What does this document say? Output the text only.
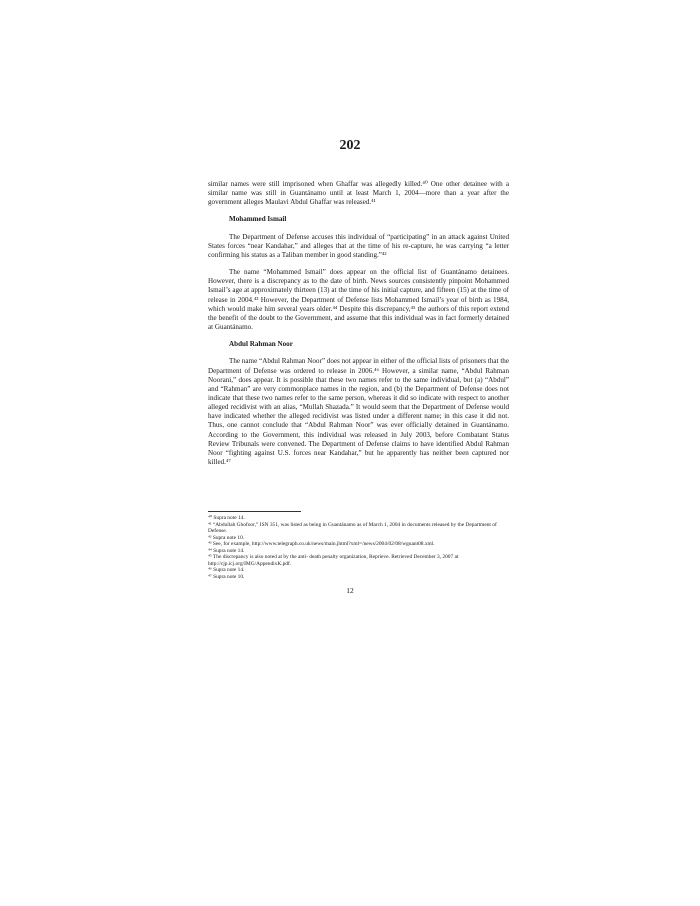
202

similar names were still imprisoned when Ghaffar was allegedly killed.⁴⁰ One other detainee with a similar name was still in Guantánamo until at least March 1, 2004—more than a year after the government alleges Maulavi Abdul Ghaffar was released.⁴¹

Mohammed Ismail

The Department of Defense accuses this individual of “participating” in an attack against United States forces “near Kandahar,” and alleges that at the time of his re-capture, he was carrying “a letter confirming his status as a Taliban member in good standing.”⁴²

The name “Mohammed Ismail” does appear on the official list of Guantánamo detainees. However, there is a discrepancy as to the date of birth. News sources consistently pinpoint Mohammed Ismail’s age at approximately thirteen (13) at the time of his initial capture, and fifteen (15) at the time of release in 2004.⁴³ However, the Department of Defense lists Mohammed Ismail’s year of birth as 1984, which would make him several years older.⁴⁴ Despite this discrepancy,⁴⁵ the authors of this report extend the benefit of the doubt to the Government, and assume that this individual was in fact formerly detained at Guantánamo.

Abdul Rahman Noor

The name “Abdul Rahman Noor” does not appear in either of the official lists of prisoners that the Department of Defense was ordered to release in 2006.⁴⁶ However, a similar name, “Abdul Rahman Noorani,” does appear. It is possible that these two names refer to the same individual, but (a) “Abdul” and “Rahman” are very commonplace names in the region, and (b) the Department of Defense does not indicate that these two names refer to the same person, whereas it did so indicate with respect to another alleged recidivist with an alias, “Mullah Shazada.” It would seem that the Department of Defense would have indicated whether the alleged recidivist was listed under a different name; in this case it did not. Thus, one cannot conclude that “Abdul Rahman Noor” was ever officially detained in Guantánamo. According to the Government, this individual was released in July 2003, before Combatant Status Review Tribunals were convened. The Department of Defense claims to have identified Abdul Rahman Noor “fighting against U.S. forces near Kandahar,” but he apparently has neither been captured nor killed.⁴⁷

⁴⁰ Supra note 14.
⁴¹ “Abdullah Ghofoor,” ISN 351, was listed as being in Guantánamo as of March 1, 2004 in documents released by the Department of Defense.
⁴² Supra note 10.
⁴³ See, for example, http://www.telegraph.co.uk/news/main.jhtml?xml=/news/2004/02/08/wguant08.xml.
⁴⁴ Supra note 14.
⁴⁵ The discrepancy is also noted at by the anti- death penalty organization, Reprieve. Retrieved December 3, 2007 at http://cjp.icj.org/IMG/AppendixK.pdf.
⁴⁶ Supra note 14.
⁴⁷ Supra note 10.
12
